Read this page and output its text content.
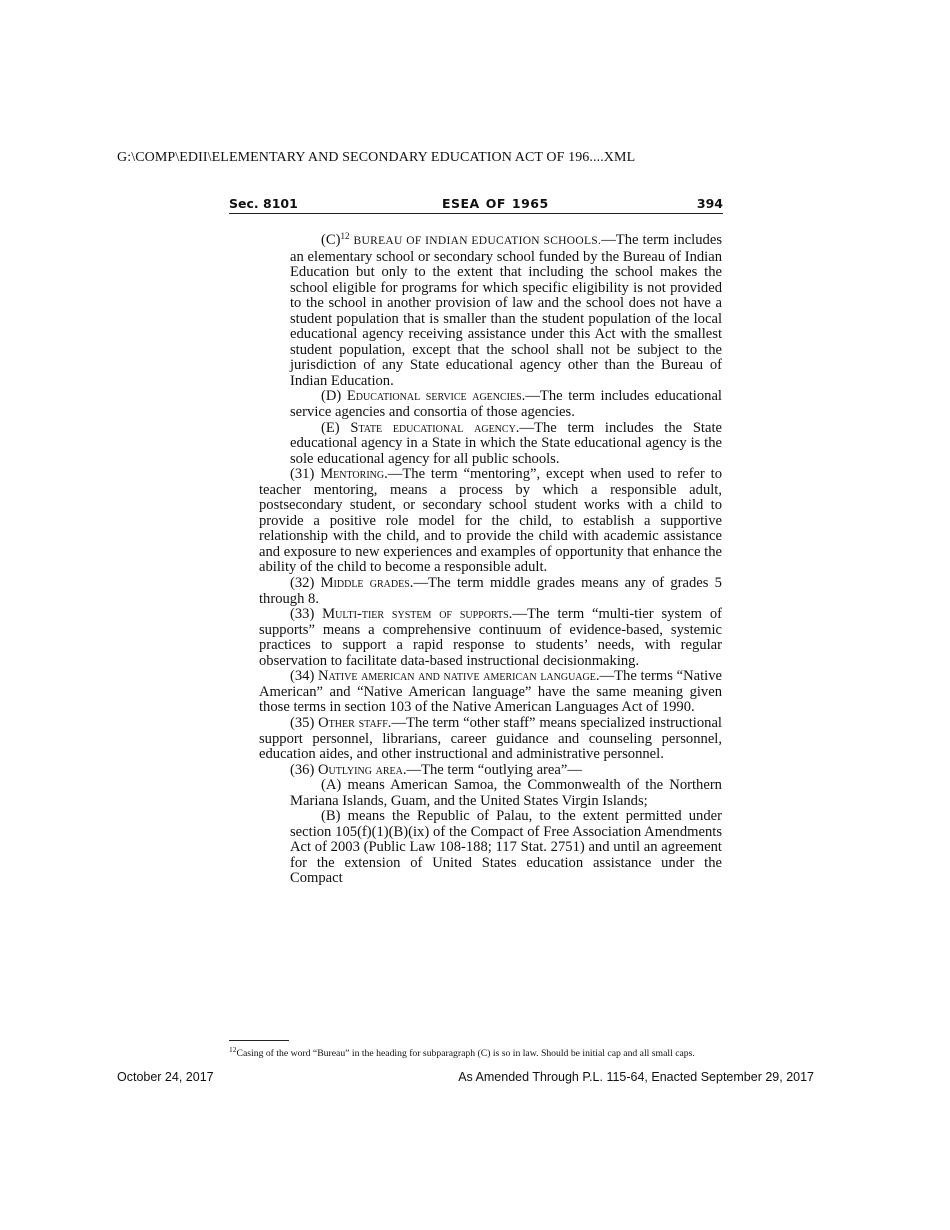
G:\COMP\EDII\ELEMENTARY AND SECONDARY EDUCATION ACT OF 196....XML
Sec. 8101	ESEA OF 1965	394

(C)$^{12}$ BUREAU OF INDIAN EDUCATION SCHOOLS.—The term includes an elementary school or secondary school funded by the Bureau of Indian Education but only to the extent that including the school makes the school eligible for programs for which specific eligibility is not provided to the school in another provision of law and the school does not have a student population that is smaller than the student population of the local educational agency receiving assistance under this Act with the smallest student population, except that the school shall not be subject to the jurisdiction of any State educational agency other than the Bureau of Indian Education.

(D) Educational service agencies.—The term includes educational service agencies and consortia of those agencies.

(E) State educational agency.—The term includes the State educational agency in a State in which the State educational agency is the sole educational agency for all public schools.

(31) Mentoring.—The term “mentoring”, except when used to refer to teacher mentoring, means a process by which a responsible adult, postsecondary student, or secondary school student works with a child to provide a positive role model for the child, to establish a supportive relationship with the child, and to provide the child with academic assistance and exposure to new experiences and examples of opportunity that enhance the ability of the child to become a responsible adult.

(32) Middle grades.—The term middle grades means any of grades 5 through 8.

(33) Multi-tier system of supports.—The term “multi-tier system of supports” means a comprehensive continuum of evidence-based, systemic practices to support a rapid response to students’ needs, with regular observation to facilitate data-based instructional decisionmaking.

(34) Native american and native american language.—The terms “Native American” and “Native American language” have the same meaning given those terms in section 103 of the Native American Languages Act of 1990.

(35) Other staff.—The term “other staff” means specialized instructional support personnel, librarians, career guidance and counseling personnel, education aides, and other instructional and administrative personnel.

(36) Outlying area.—The term “outlying area”—

(A) means American Samoa, the Commonwealth of the Northern Mariana Islands, Guam, and the United States Virgin Islands;

(B) means the Republic of Palau, to the extent permitted under section 105(f)(1)(B)(ix) of the Compact of Free Association Amendments Act of 2003 (Public Law 108-188; 117 Stat. 2751) and until an agreement for the extension of United States education assistance under the Compact

$^{12}$Casing of the word “Bureau” in the heading for subparagraph (C) is so in law. Should be initial cap and all small caps.
October 24, 2017	As Amended Through P.L. 115-64, Enacted September 29, 2017
